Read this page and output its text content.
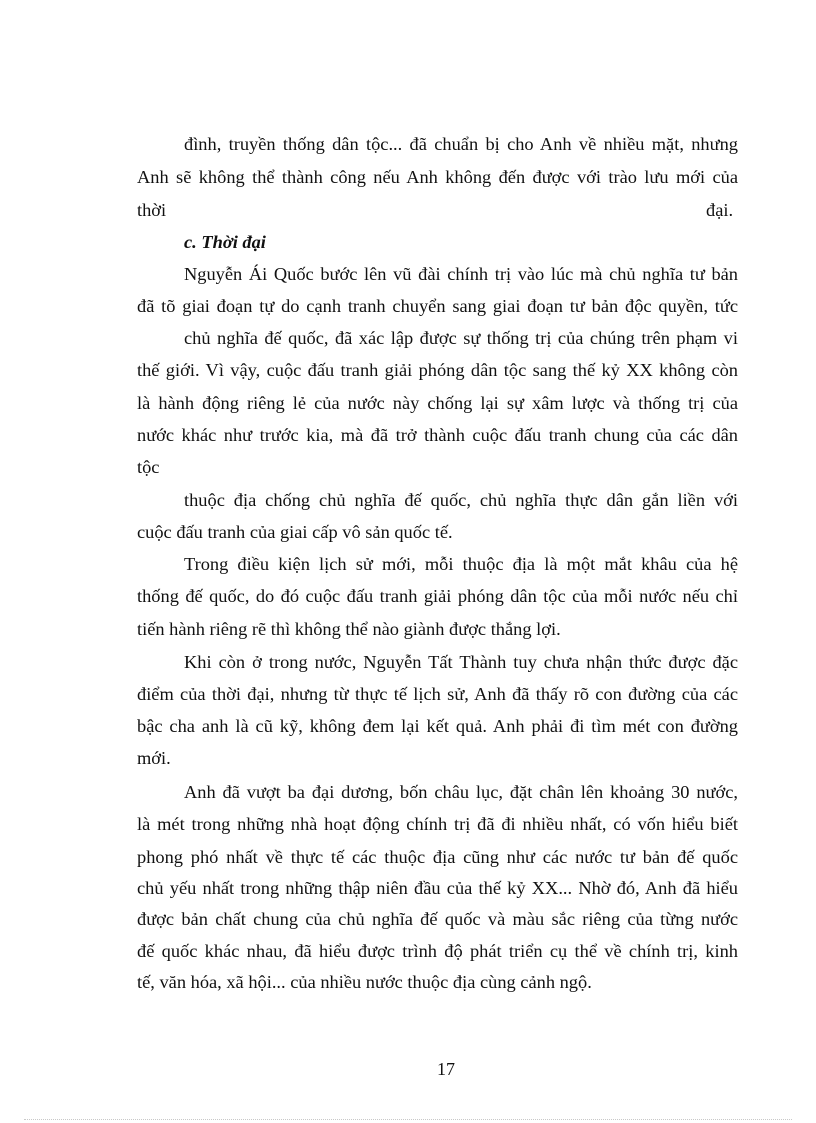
đình, truyền thống dân tộc... đã chuẩn bị cho Anh về nhiều mặt, nhưng

Anh sẽ không thể thành công nếu Anh không đến được với trào lưu mới của

thời	đại.

c. Thời đại

Nguyễn Ái Quốc bước lên vũ đài chính trị vào lúc mà chủ nghĩa tư bản

đã tõ giai đoạn tự do cạnh tranh chuyển sang giai đoạn tư bản độc quyền, tức

chủ nghĩa đế quốc, đã xác lập được sự thống trị của chúng trên phạm vi

thế giới. Vì vậy, cuộc đấu tranh giải phóng dân tộc sang thế kỷ XX không còn

là hành động riêng lẻ của nước này chống lại sự xâm lược và thống trị của

nước khác như trước kia, mà đã trở thành cuộc đấu tranh chung của các dân

tộc

thuộc địa chống chủ nghĩa đế quốc, chủ nghĩa thực dân gắn liền với

cuộc đấu tranh của giai cấp vô sản quốc tế.

Trong điều kiện lịch sử mới, mỗi thuộc địa là một mắt khâu của hệ

thống đế quốc, do đó cuộc đấu tranh giải phóng dân tộc của mỗi nước nếu chỉ

tiến hành riêng rẽ thì không thể nào giành được thắng lợi.

Khi còn ở trong nước, Nguyễn Tất Thành tuy chưa nhận thức được đặc

điểm của thời đại, nhưng từ thực tế lịch sử, Anh đã thấy rõ con đường của các

bậc cha anh là cũ kỹ, không đem lại kết quả. Anh phải đi tìm mét con đường

mới.

Anh đã vượt ba đại dương, bốn châu lục, đặt chân lên khoảng 30 nước,

là mét trong những nhà hoạt động chính trị đã đi nhiều nhất, có vốn hiểu biết

phong phó nhất về thực tế các thuộc địa cũng như các nước tư bản đế quốc

chủ yếu nhất trong những thập niên đầu của thế kỷ XX... Nhờ đó, Anh đã hiểu

được bản chất chung của chủ nghĩa đế quốc và màu sắc riêng của từng nước

đế quốc khác nhau, đã hiểu được trình độ phát triển cụ thể về chính trị, kinh

tế, văn hóa, xã hội... của nhiều nước thuộc địa cùng cảnh ngộ.

17
